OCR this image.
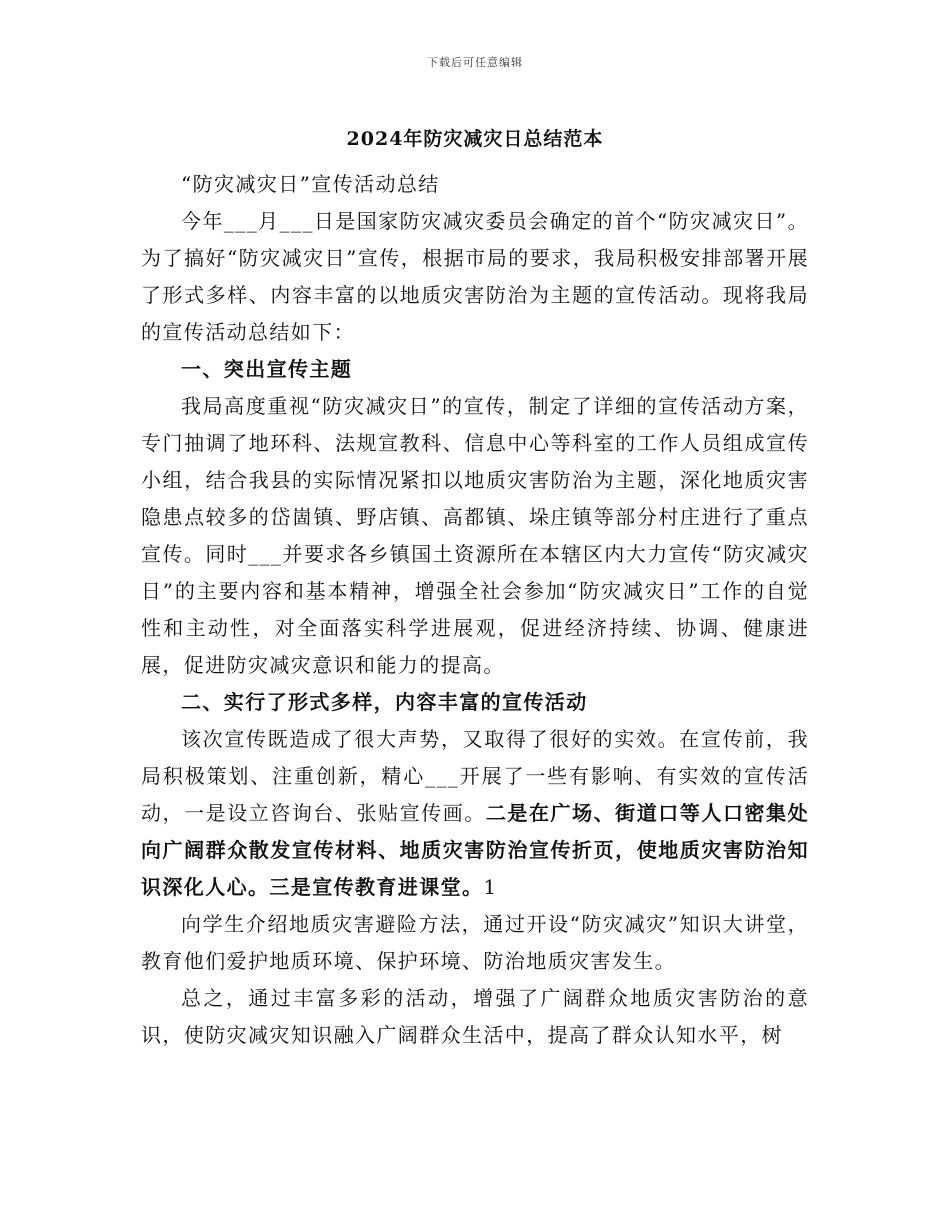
下载后可任意编辑
2024年防灾减灾日总结范本

“防灾减灾日”宣传活动总结

今年___月___日是国家防灾减灾委员会确定的首个“防灾减灾日”。为了搞好“防灾减灾日”宣传，根据市局的要求，我局积极安排部署开展了形式多样、内容丰富的以地质灾害防治为主题的宣传活动。现将我局的宣传活动总结如下：

一、突出宣传主题

我局高度重视“防灾减灾日”的宣传，制定了详细的宣传活动方案，专门抽调了地环科、法规宣教科、信息中心等科室的工作人员组成宣传小组，结合我县的实际情况紧扣以地质灾害防治为主题，深化地质灾害隐患点较多的岱崮镇、野店镇、高都镇、垛庄镇等部分村庄进行了重点宣传。同时___并要求各乡镇国土资源所在本辖区内大力宣传“防灾减灾日”的主要内容和基本精神，增强全社会参加“防灾减灾日”工作的自觉性和主动性，对全面落实科学进展观，促进经济持续、协调、健康进展，促进防灾减灾意识和能力的提高。

二、实行了形式多样，内容丰富的宣传活动

该次宣传既造成了很大声势，又取得了很好的实效。在宣传前，我局积极策划、注重创新，精心___开展了一些有影响、有实效的宣传活动，一是设立咨询台、张贴宣传画。二是在广场、街道口等人口密集处向广阔群众散发宣传材料、地质灾害防治宣传折页，使地质灾害防治知识深化人心。三是宣传教育进课堂。1

向学生介绍地质灾害避险方法，通过开设“防灾减灾”知识大讲堂，教育他们爱护地质环境、保护环境、防治地质灾害发生。

总之，通过丰富多彩的活动，增强了广阔群众地质灾害防治的意识，使防灾减灾知识融入广阔群众生活中，提高了群众认知水平，树
